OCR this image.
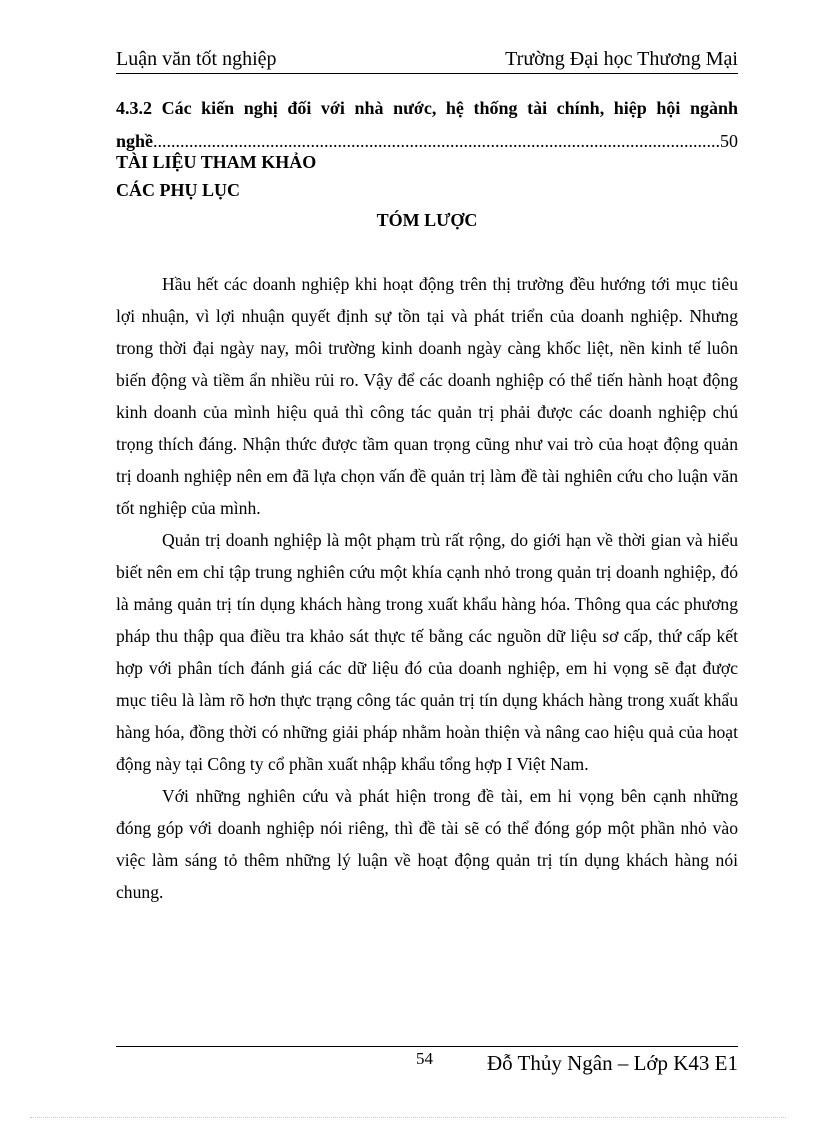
Luận văn tốt nghiệp	Trường Đại học Thương Mại
4.3.2 Các kiến nghị đối với nhà nước, hệ thống tài chính, hiệp hội ngành
nghề
.....	50
TÀI LIỆU THAM KHẢO
CÁC PHỤ LỤC
TÓM LƯỢC

Hầu hết các doanh nghiệp khi hoạt động trên thị trường đều hướng tới mục tiêu lợi nhuận, vì lợi nhuận quyết định sự tồn tại và phát triển của doanh nghiệp. Nhưng trong thời đại ngày nay, môi trường kinh doanh ngày càng khốc liệt, nền kinh tế luôn biến động và tiềm ẩn nhiều rủi ro. Vậy để các doanh nghiệp có thể tiến hành hoạt động kinh doanh của mình hiệu quả thì công tác quản trị phải được các doanh nghiệp chú trọng thích đáng. Nhận thức được tầm quan trọng cũng như vai trò của hoạt động quản trị doanh nghiệp nên em đã lựa chọn vấn đề quản trị làm đề tài nghiên cứu cho luận văn tốt nghiệp của mình.

Quản trị doanh nghiệp là một phạm trù rất rộng, do giới hạn về thời gian và hiểu biết nên em chỉ tập trung nghiên cứu một khía cạnh nhỏ trong quản trị doanh nghiệp, đó là mảng quản trị tín dụng khách hàng trong xuất khẩu hàng hóa. Thông qua các phương pháp thu thập qua điều tra khảo sát thực tế bằng các nguồn dữ liệu sơ cấp, thứ cấp kết hợp với phân tích đánh giá các dữ liệu đó của doanh nghiệp, em hi vọng sẽ đạt được mục tiêu là làm rõ hơn thực trạng công tác quản trị tín dụng khách hàng trong xuất khẩu hàng hóa, đồng thời có những giải pháp nhằm hoàn thiện và nâng cao hiệu quả của hoạt động này tại Công ty cổ phần xuất nhập khẩu tổng hợp I Việt Nam.

Với những nghiên cứu và phát hiện trong đề tài, em hi vọng bên cạnh những đóng góp với doanh nghiệp nói riêng, thì đề tài sẽ có thể đóng góp một phần nhỏ vào việc làm sáng tỏ thêm những lý luận về hoạt động quản trị tín dụng khách hàng nói chung.

54	Đỗ Thủy Ngân – Lớp K43 E1
